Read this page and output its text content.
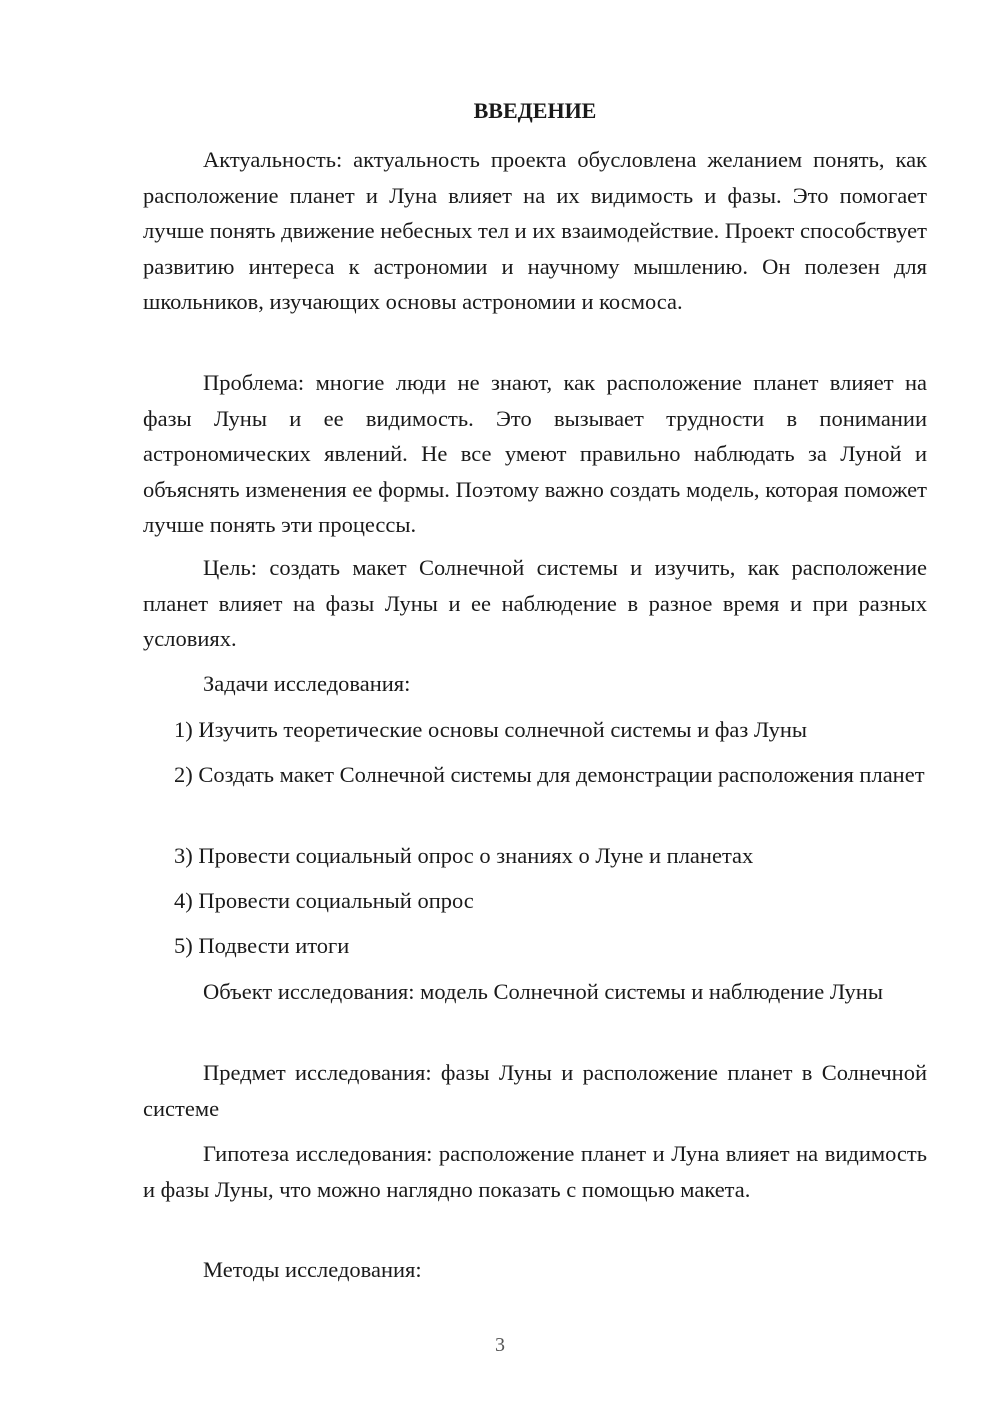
ВВЕДЕНИЕ

Актуальность: актуальность проекта обусловлена желанием понять, как расположение планет и Луна влияет на их видимость и фазы. Это помогает лучше понять движение небесных тел и их взаимодействие. Проект способствует развитию интереса к астрономии и научному мышлению. Он полезен для школьников, изучающих основы астрономии и космоса.

Проблема: многие люди не знают, как расположение планет влияет на фазы Луны и ее видимость. Это вызывает трудности в понимании астрономических явлений. Не все умеют правильно наблюдать за Луной и объяснять изменения ее формы. Поэтому важно создать модель, которая поможет лучше понять эти процессы.

Цель: создать макет Солнечной системы и изучить, как расположение планет влияет на фазы Луны и ее наблюдение в разное время и при разных условиях.

Задачи исследования:

1) Изучить теоретические основы солнечной системы и фаз Луны

2) Создать макет Солнечной системы для демонстрации расположения планет

3) Провести социальный опрос о знаниях о Луне и планетах

4) Провести социальный опрос

5) Подвести итоги

Объект исследования: модель Солнечной системы и наблюдение Луны

Предмет исследования: фазы Луны и расположение планет в Солнечной системе

Гипотеза исследования: расположение планет и Луна влияет на видимость и фазы Луны, что можно наглядно показать с помощью макета.

Методы исследования:

3
